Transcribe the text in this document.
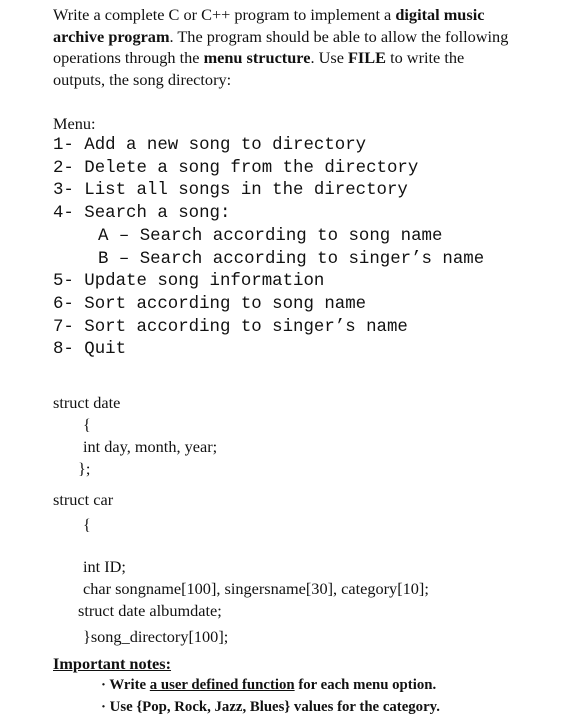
Write a complete C or C++ program to implement a digital music archive program. The program should be able to allow the following operations through the menu structure. Use FILE to write the outputs, the song directory:

Menu:
1- Add a new song to directory
2- Delete a song from the directory
3- List all songs in the directory
4- Search a song:
A – Search according to song name
B – Search according to singer’s name
5- Update song information
6- Sort according to song name
7- Sort according to singer’s name
8- Quit
struct date
{
int day, month, year;
};
struct car
{
int ID;
char songname[100], singersname[30], category[10];
struct date albumdate;
}song_directory[100];
Important notes:
· Write a user defined function for each menu option.
· Use {Pop, Rock, Jazz, Blues} values for the category.
